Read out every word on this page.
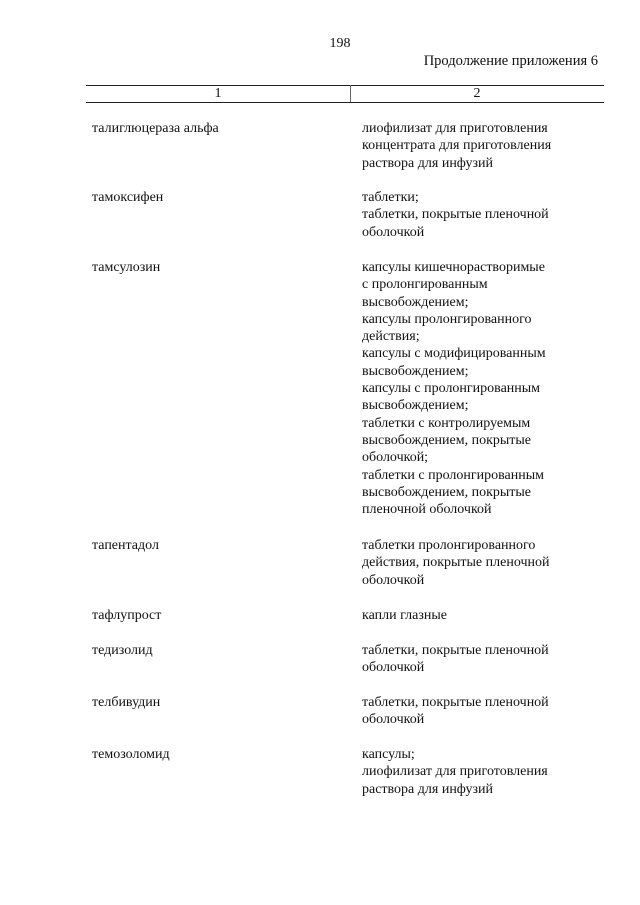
198
Продолжение приложения 6
1	2
талиглюцераза альфа	лиофилизат для приготовления
концентрата для приготовления
раствора для инфузий
тамоксифен	таблетки;
таблетки, покрытые пленочной
оболочкой
тамсулозин	капсулы кишечнорастворимые
с пролонгированным
высвобождением;
капсулы пролонгированного
действия;
капсулы с модифицированным
высвобождением;
капсулы с пролонгированным
высвобождением;
таблетки с контролируемым
высвобождением, покрытые
оболочкой;
таблетки с пролонгированным
высвобождением, покрытые
пленочной оболочкой
тапентадол	таблетки пролонгированного
действия, покрытые пленочной
оболочкой
тафлупрост	капли глазные
тедизолид	таблетки, покрытые пленочной
оболочкой
телбивудин	таблетки, покрытые пленочной
оболочкой
темозоломид	капсулы;
лиофилизат для приготовления
раствора для инфузий
